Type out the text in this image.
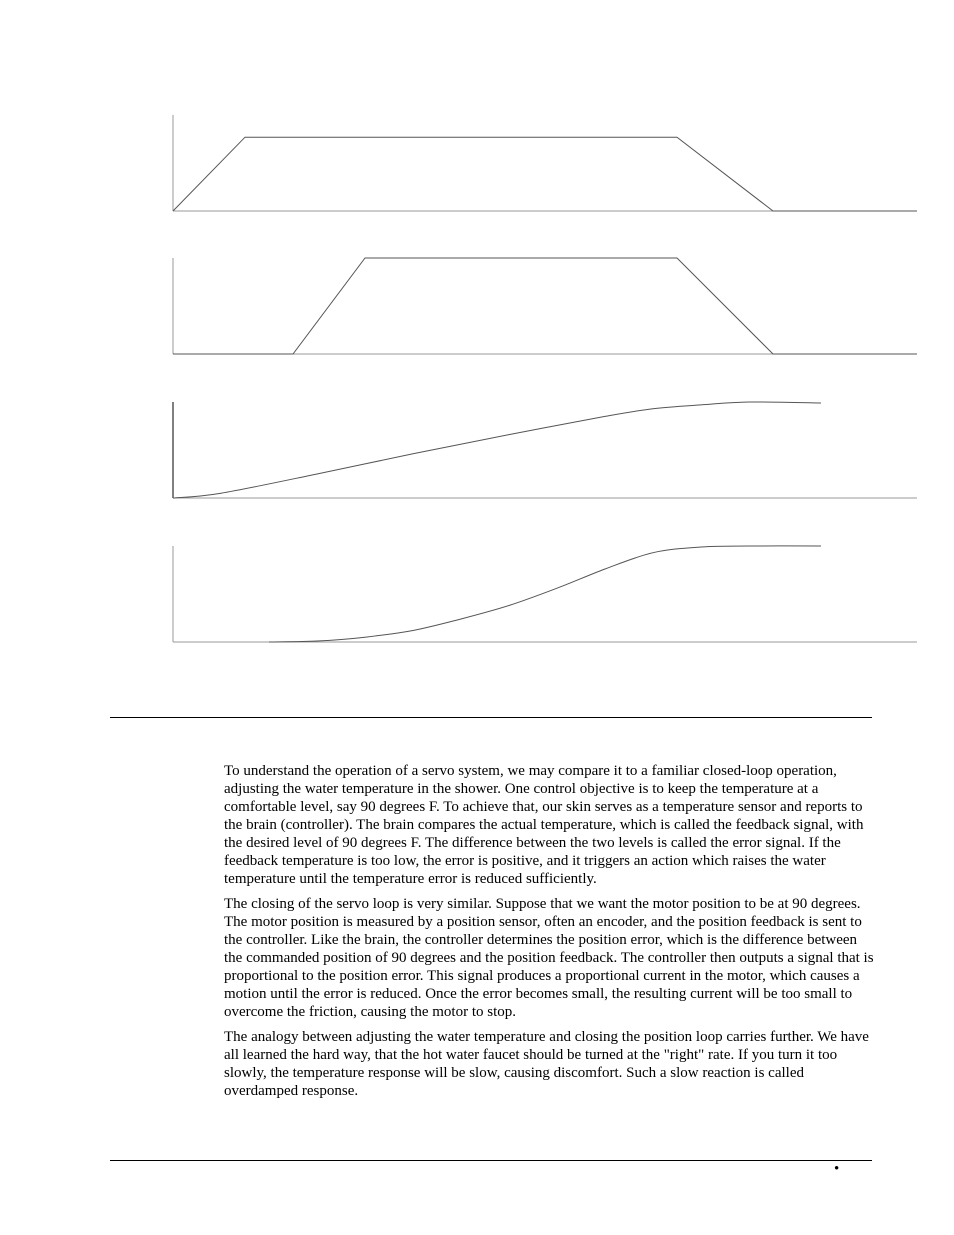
To understand the operation of a servo system, we may compare it to a familiar closed-loop operation, adjusting the water temperature in the shower. One control objective is to keep the temperature at a comfortable level, say 90 degrees F. To achieve that, our skin serves as a temperature sensor and reports to the brain (controller). The brain compares the actual temperature, which is called the feedback signal, with the desired level of 90 degrees F. The difference between the two levels is called the error signal. If the feedback temperature is too low, the error is positive, and it triggers an action which raises the water temperature until the temperature error is reduced sufficiently.

The closing of the servo loop is very similar. Suppose that we want the motor position to be at 90 degrees. The motor position is measured by a position sensor, often an encoder, and the position feedback is sent to the controller. Like the brain, the controller determines the position error, which is the difference between the commanded position of 90 degrees and the position feedback. The controller then outputs a signal that is proportional to the position error. This signal produces a proportional current in the motor, which causes a motion until the error is reduced. Once the error becomes small, the resulting current will be too small to overcome the friction, causing the motor to stop.

The analogy between adjusting the water temperature and closing the position loop carries further. We have all learned the hard way, that the hot water faucet should be turned at the "right" rate. If you turn it too slowly, the temperature response will be slow, causing discomfort. Such a slow reaction is called overdamped response.

•
